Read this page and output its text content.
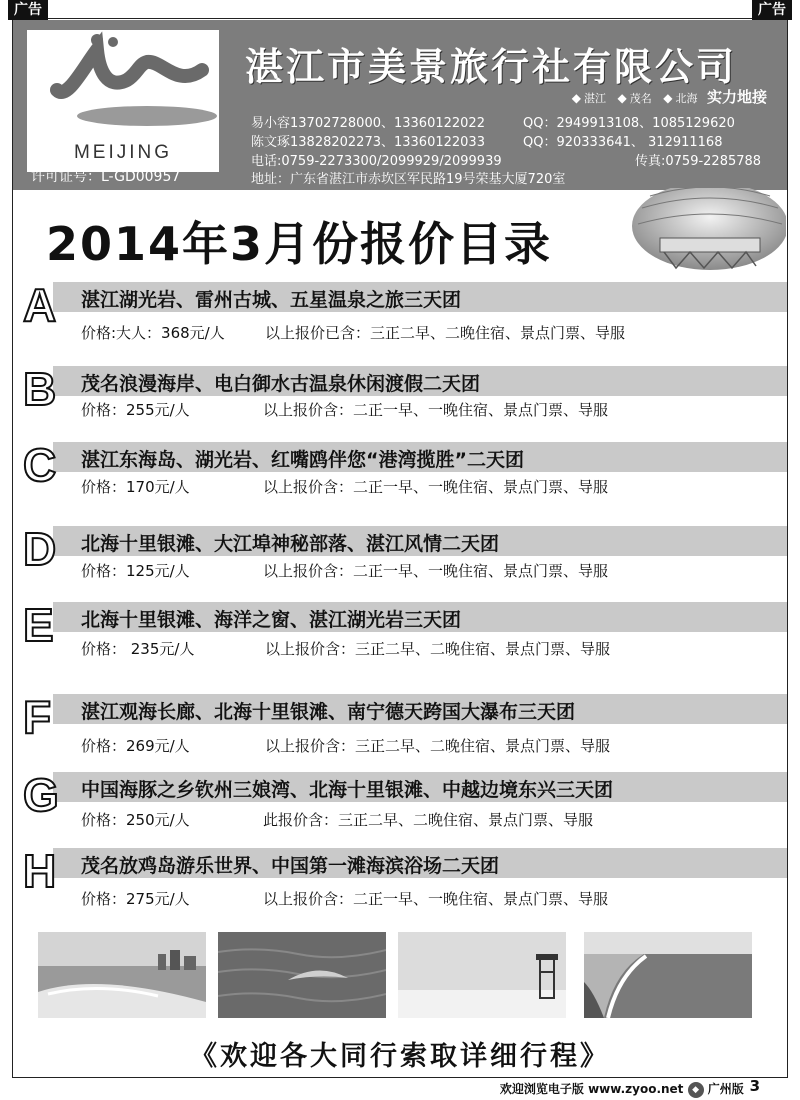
广告	广告
MEIJING
许可证号：L-GD00957
湛江市美景旅行社有限公司
◆ 湛江 ◆ 茂名 ◆ 北海 实力地接
易小容13702728000、13360122022	QQ：2949913108、1085129620
陈文琢13828202273、13360122033	QQ：920333641、 312911168
电话:0759-2273300/2099929/2099939	传真:0759-2285788
地址：广东省湛江市赤坎区军民路19号荣基大厦720室
2014年3月份报价目录
A 湛江湖光岩、雷州古城、五星温泉之旅三天团
价格:大人：368元/人	以上报价已含：三正二早、二晚住宿、景点门票、导服
B 茂名浪漫海岸、电白御水古温泉休闲渡假二天团
价格：255元/人	以上报价含：二正一早、一晚住宿、景点门票、导服
C 湛江东海岛、湖光岩、红嘴鸥伴您“港湾揽胜”二天团
价格：170元/人	以上报价含：二正一早、一晚住宿、景点门票、导服
D 北海十里银滩、大江埠神秘部落、湛江风情二天团
价格：125元/人	以上报价含：二正一早、一晚住宿、景点门票、导服
E 北海十里银滩、海洋之窗、湛江湖光岩三天团
价格： 235元/人	以上报价含：三正二早、二晚住宿、景点门票、导服
F 湛江观海长廊、北海十里银滩、南宁德天跨国大瀑布三天团
价格：269元/人	以上报价含：三正二早、二晚住宿、景点门票、导服
G 中国海豚之乡钦州三娘湾、北海十里银滩、中越边境东兴三天团
价格：250元/人	此报价含：三正二早、二晚住宿、景点门票、导服
H 茂名放鸡岛游乐世界、中国第一滩海滨浴场二天团
价格：275元/人	以上报价含：二正一早、一晚住宿、景点门票、导服
《欢迎各大同行索取详细行程》
欢迎浏览电子版 www.zyoo.net ◆ 广州版 3
